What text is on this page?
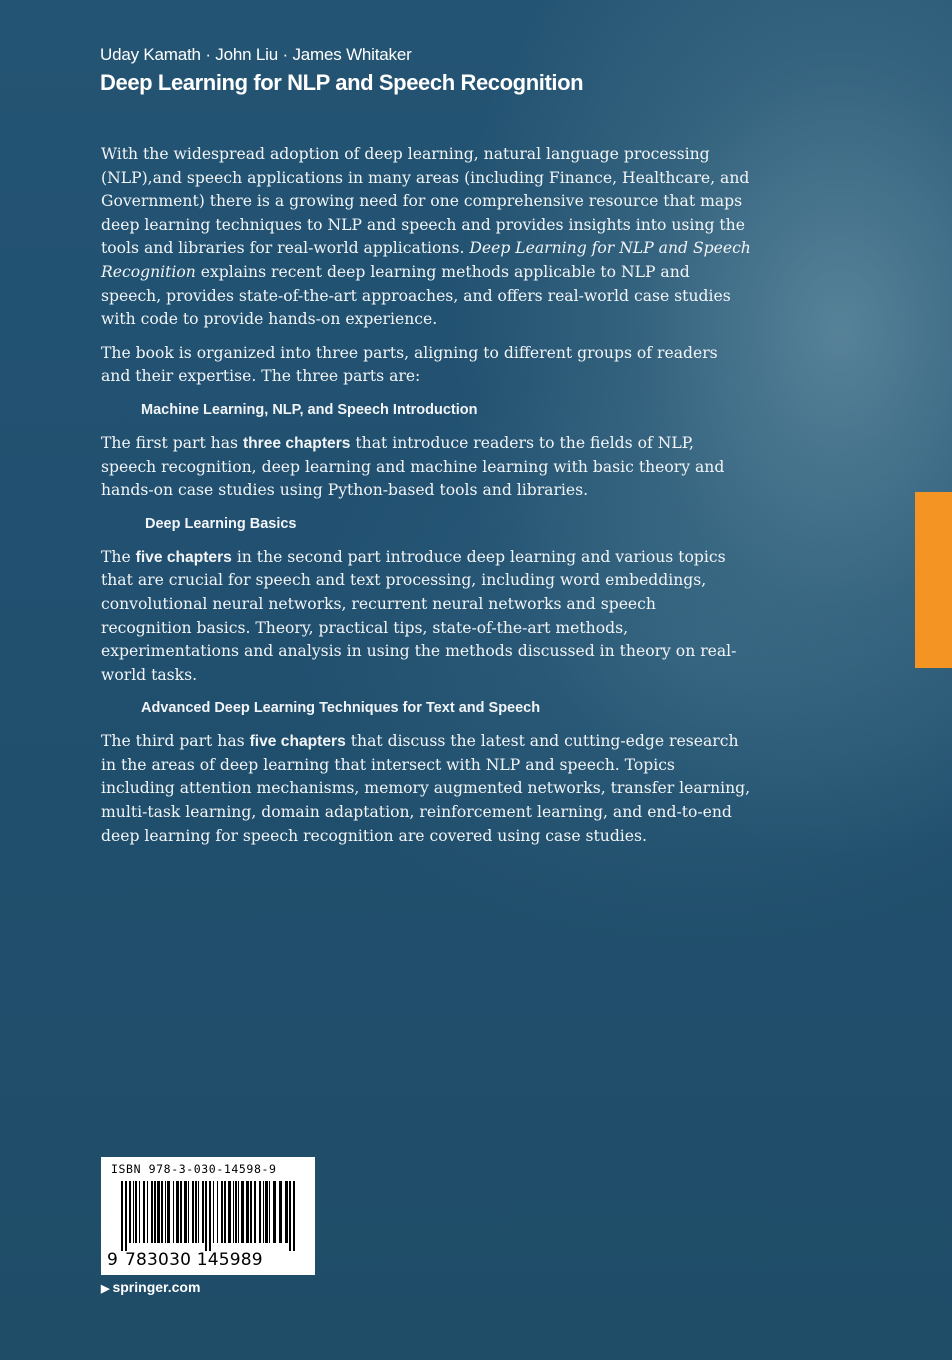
Uday Kamath · John Liu · James Whitaker
Deep Learning for NLP and Speech Recognition

With the widespread adoption of deep learning, natural language processing (NLP),and speech applications in many areas (including Finance, Healthcare, and Government) there is a growing need for one comprehensive resource that maps deep learning techniques to NLP and speech and provides insights into using the tools and libraries for real-world applications. Deep Learning for NLP and Speech Recognition explains recent deep learning methods applicable to NLP and speech, provides state-of-the-art approaches, and offers real-world case studies with code to provide hands-on experience.

The book is organized into three parts, aligning to different groups of readers and their expertise. The three parts are:

Machine Learning, NLP, and Speech Introduction

The first part has three chapters that introduce readers to the fields of NLP, speech recognition, deep learning and machine learning with basic theory and hands-on case studies using Python-based tools and libraries.

Deep Learning Basics

The five chapters in the second part introduce deep learning and various topics that are crucial for speech and text processing, including word embeddings, convolutional neural networks, recurrent neural networks and speech recognition basics. Theory, practical tips, state-of-the-art methods, experimentations and analysis in using the methods discussed in theory on real-world tasks.

Advanced Deep Learning Techniques for Text and Speech

The third part has five chapters that discuss the latest and cutting-edge research in the areas of deep learning that intersect with NLP and speech. Topics including attention mechanisms, memory augmented networks, transfer learning, multi-task learning, domain adaptation, reinforcement learning, and end-to-end deep learning for speech recognition are covered using case studies.

ISBN 978-3-030-14598-9
9 783030 145989
▶ springer.com
